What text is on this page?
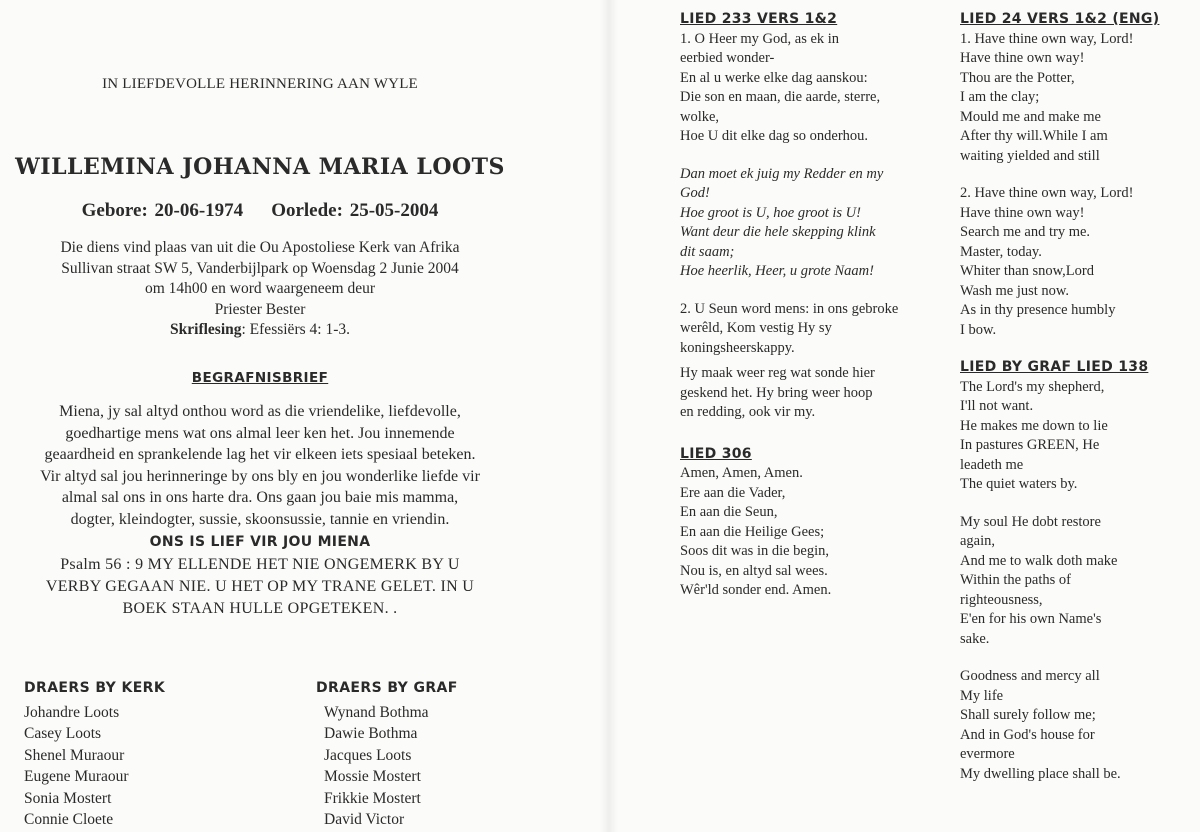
IN LIEFDEVOLLE HERINNERING AAN WYLE
WILLEMINA JOHANNA MARIA LOOTS
Gebore: 20-06-1974 Oorlede: 25-05-2004
Die diens vind plaas van uit die Ou Apostoliese Kerk van Afrika
Sullivan straat SW 5, Vanderbijlpark op Woensdag 2 Junie 2004
om 14h00 en word waargeneem deur
Priester Bester
Skriflesing: Efessiërs 4: 1-3.
BEGRAFNISBRIEF
Miena, jy sal altyd onthou word as die vriendelike, liefdevolle,
goedhartige mens wat ons almal leer ken het. Jou innemende
geaardheid en sprankelende lag het vir elkeen iets spesiaal beteken.
Vir altyd sal jou herinneringe by ons bly en jou wonderlike liefde vir
almal sal ons in ons harte dra. Ons gaan jou baie mis mamma,
dogter, kleindogter, sussie, skoonsussie, tannie en vriendin.
ONS IS LIEF VIR JOU MIENA
Psalm 56 : 9 MY ELLENDE HET NIE ONGEMERK BY U
VERBY GEGAAN NIE. U HET OP MY TRANE GELET. IN U
BOEK STAAN HULLE OPGETEKEN. .
DRAERS BY KERK
Johandre Loots
Casey Loots
Shenel Muraour
Eugene Muraour
Sonia Mostert
Connie Cloete
DRAERS BY GRAF
Wynand Bothma
Dawie Bothma
Jacques Loots
Mossie Mostert
Frikkie Mostert
David Victor
LIED 233 VERS 1&2
1. O Heer my God, as ek in
eerbied wonder-
En al u werke elke dag aanskou:
Die son en maan, die aarde, sterre,
wolke,
Hoe U dit elke dag so onderhou.
Dan moet ek juig my Redder en my
God!
Hoe groot is U, hoe groot is U!
Want deur die hele skepping klink
dit saam;
Hoe heerlik, Heer, u grote Naam!
2. U Seun word mens: in ons gebroke
werêld, Kom vestig Hy sy
koningsheerskappy.
Hy maak weer reg wat sonde hier
geskend het. Hy bring weer hoop
en redding, ook vir my.
LIED 306
Amen, Amen, Amen.
Ere aan die Vader,
En aan die Seun,
En aan die Heilige Gees;
Soos dit was in die begin,
Nou is, en altyd sal wees.
Wêr'ld sonder end. Amen.
LIED 24 VERS 1&2 (ENG)
1. Have thine own way, Lord!
Have thine own way!
Thou are the Potter,
I am the clay;
Mould me and make me
After thy will.While I am
waiting yielded and still
2. Have thine own way, Lord!
Have thine own way!
Search me and try me.
Master, today.
Whiter than snow,Lord
Wash me just now.
As in thy presence humbly
I bow.
LIED BY GRAF LIED 138
The Lord's my shepherd,
I'll not want.
He makes me down to lie
In pastures GREEN, He
leadeth me
The quiet waters by.
My soul He dobt restore
again,
And me to walk doth make
Within the paths of
righteousness,
E'en for his own Name's
sake.
Goodness and mercy all
My life
Shall surely follow me;
And in God's house for
evermore
My dwelling place shall be.
